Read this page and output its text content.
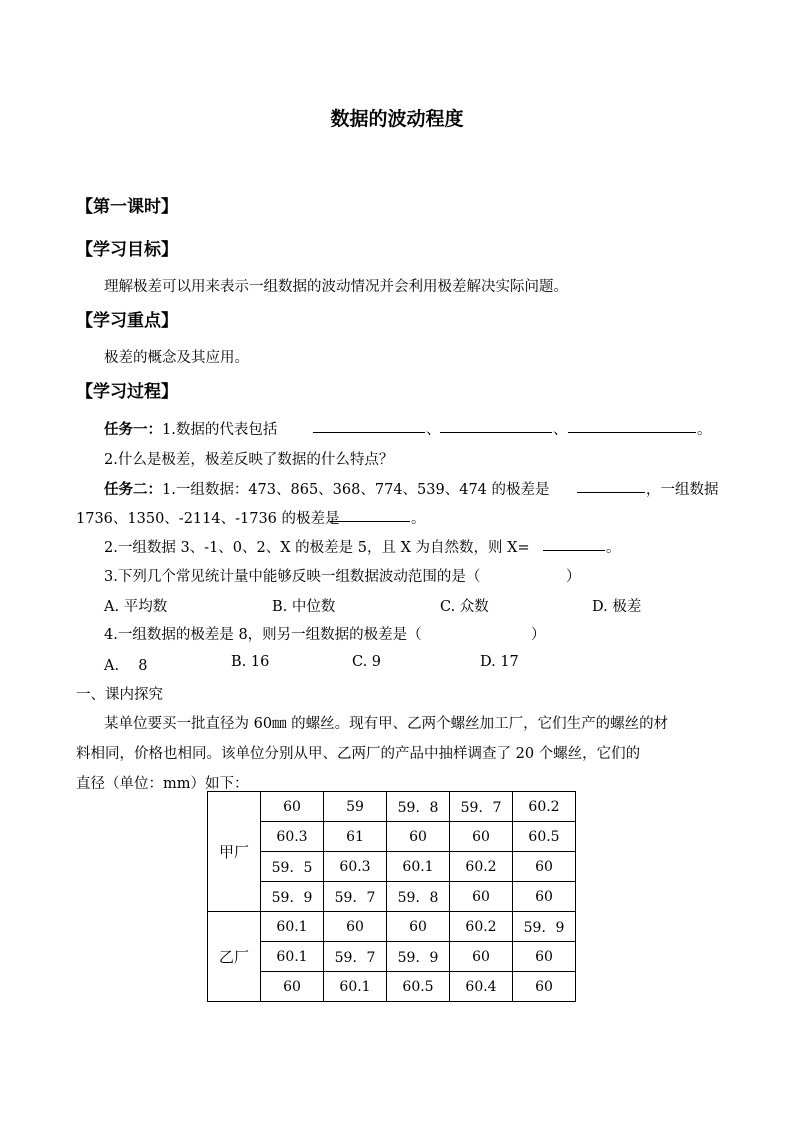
数据的波动程度
【第一课时】
【学习目标】
理解极差可以用来表示一组数据的波动情况并会利用极差解决实际问题。
【学习重点】
极差的概念及其应用。
【学习过程】
任务一：1.数据的代表包括	、	、	。
2.什么是极差，极差反映了数据的什么特点？
任务二：1.一组数据：473、865、368、774、539、474 的极差是	，一组数据
1736、1350、-2114、-1736 的极差是	。
2.一组数据 3、-1、0、2、X 的极差是 5，且 X 为自然数，则 X=	。
3.下列几个常见统计量中能够反映一组数据波动范围的是（	）
A. 平均数	B. 中位数	C. 众数	D. 极差
4.一组数据的极差是 8，则另一组数据的极差是（	）
A.　 8	B. 16	C. 9	D. 17
一、课内探究
某单位要买一批直径为 60㎜ 的螺丝。现有甲、乙两个螺丝加工厂，它们生产的螺丝的材
料相同，价格也相同。该单位分别从甲、乙两厂的产品中抽样调查了 20 个螺丝，它们的
直径（单位：mm）如下：
甲厂	60	59	59．8	59．7	60.2
	60.3	61	60	60	60.5
	59．5	60.3	60.1	60.2	60
	59．9	59．7	59．8	60	60
乙厂	60.1	60	60	60.2	59．9
	60.1	59．7	59．9	60	60
	60	60.1	60.5	60.4	60
